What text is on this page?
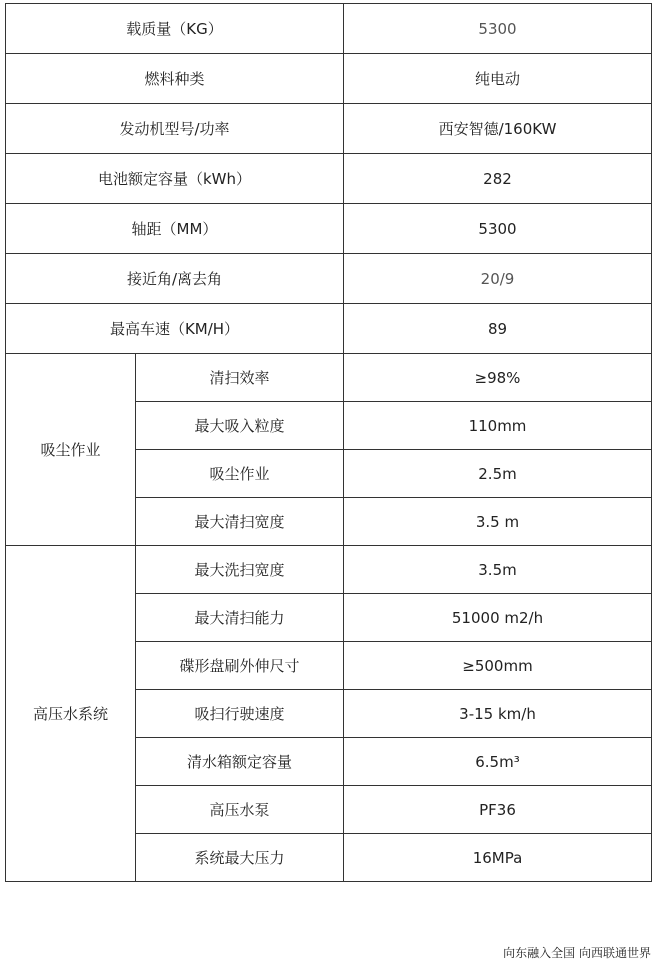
载质量（KG）		5300
燃料种类		纯电动
发动机型号/功率		西安智德/160KW
电池额定容量（kWh）		282
轴距（MM）		5300
接近角/离去角		20/9
最高车速（KM/H）		89
吸尘作业	清扫效率	≥98%
	最大吸入粒度	110mm
	吸尘作业	2.5m
	最大清扫宽度	3.5 m
高压水系统	最大洗扫宽度	3.5m
	最大清扫能力	51000 m2/h
	碟形盘刷外伸尺寸	≥500mm
	吸扫行驶速度	3-15 km/h
	清水箱额定容量	6.5m³
	高压水泵	PF36
	系统最大压力	16MPa
向东融入全国 向西联通世界
